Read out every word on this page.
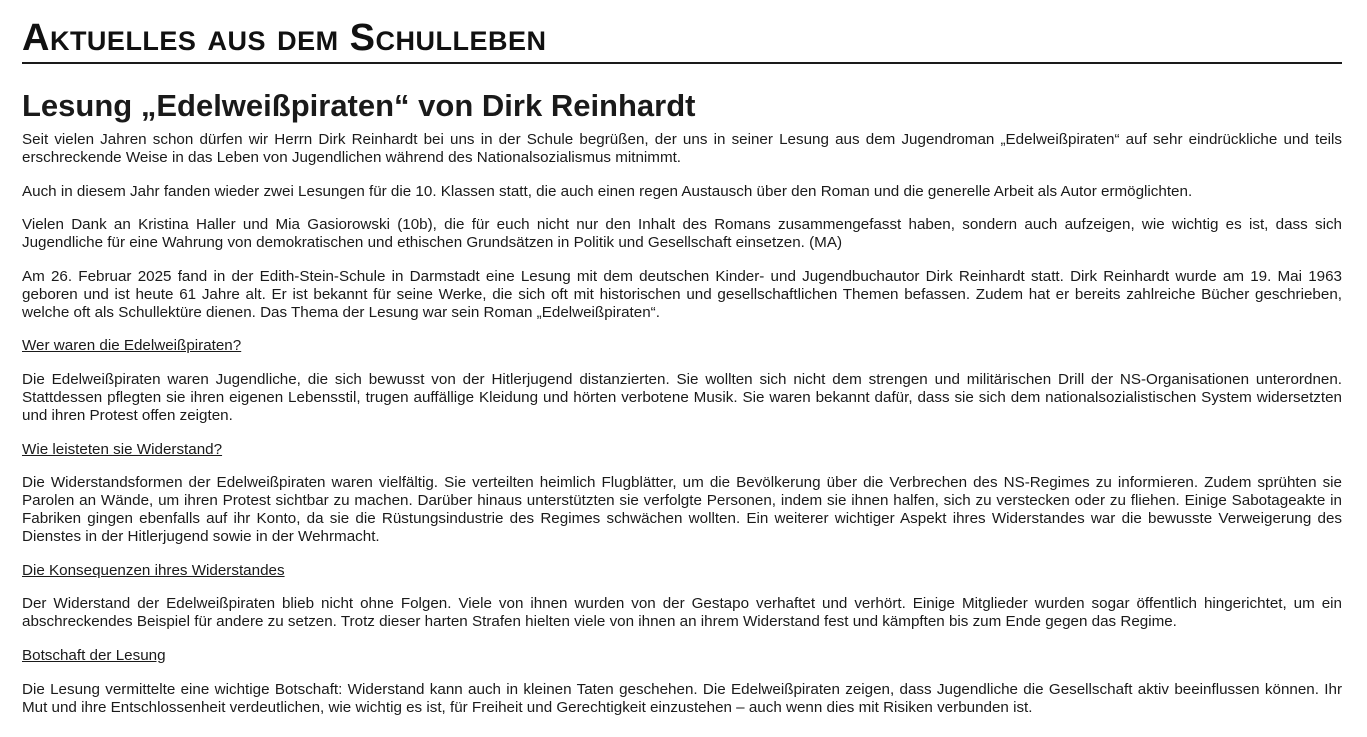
Aktuelles aus dem Schulleben
Lesung „Edelweißpiraten“ von Dirk Reinhardt

Seit vielen Jahren schon dürfen wir Herrn Dirk Reinhardt bei uns in der Schule begrüßen, der uns in seiner Lesung aus dem Jugendroman „Edelweißpiraten“ auf sehr eindrückliche und teils erschreckende Weise in das Leben von Jugendlichen während des Nationalsozialismus mitnimmt.

Auch in diesem Jahr fanden wieder zwei Lesungen für die 10. Klassen statt, die auch einen regen Austausch über den Roman und die generelle Arbeit als Autor ermöglichten.

Vielen Dank an Kristina Haller und Mia Gasiorowski (10b), die für euch nicht nur den Inhalt des Romans zusammengefasst haben, sondern auch aufzeigen, wie wichtig es ist, dass sich Jugendliche für eine Wahrung von demokratischen und ethischen Grundsätzen in Politik und Gesellschaft einsetzen. (MA)

Am 26. Februar 2025 fand in der Edith-Stein-Schule in Darmstadt eine Lesung mit dem deutschen Kinder- und Jugendbuchautor Dirk Reinhardt statt. Dirk Reinhardt wurde am 19. Mai 1963 geboren und ist heute 61 Jahre alt. Er ist bekannt für seine Werke, die sich oft mit historischen und gesellschaftlichen Themen befassen. Zudem hat er bereits zahlreiche Bücher geschrieben, welche oft als Schullektüre dienen. Das Thema der Lesung war sein Roman „Edelweißpiraten“.

Wer waren die Edelweißpiraten?

Die Edelweißpiraten waren Jugendliche, die sich bewusst von der Hitlerjugend distanzierten. Sie wollten sich nicht dem strengen und militärischen Drill der NS-Organisationen unterordnen. Stattdessen pflegten sie ihren eigenen Lebensstil, trugen auffällige Kleidung und hörten verbotene Musik. Sie waren bekannt dafür, dass sie sich dem nationalsozialistischen System widersetzten und ihren Protest offen zeigten.

Wie leisteten sie Widerstand?

Die Widerstandsformen der Edelweißpiraten waren vielfältig. Sie verteilten heimlich Flugblätter, um die Bevölkerung über die Verbrechen des NS-Regimes zu informieren. Zudem sprühten sie Parolen an Wände, um ihren Protest sichtbar zu machen. Darüber hinaus unterstützten sie verfolgte Personen, indem sie ihnen halfen, sich zu verstecken oder zu fliehen. Einige Sabotageakte in Fabriken gingen ebenfalls auf ihr Konto, da sie die Rüstungsindustrie des Regimes schwächen wollten. Ein weiterer wichtiger Aspekt ihres Widerstandes war die bewusste Verweigerung des Dienstes in der Hitlerjugend sowie in der Wehrmacht.

Die Konsequenzen ihres Widerstandes

Der Widerstand der Edelweißpiraten blieb nicht ohne Folgen. Viele von ihnen wurden von der Gestapo verhaftet und verhört. Einige Mitglieder wurden sogar öffentlich hingerichtet, um ein abschreckendes Beispiel für andere zu setzen. Trotz dieser harten Strafen hielten viele von ihnen an ihrem Widerstand fest und kämpften bis zum Ende gegen das Regime.

Botschaft der Lesung

Die Lesung vermittelte eine wichtige Botschaft: Widerstand kann auch in kleinen Taten geschehen. Die Edelweißpiraten zeigen, dass Jugendliche die Gesellschaft aktiv beeinflussen können. Ihr Mut und ihre Entschlossenheit verdeutlichen, wie wichtig es ist, für Freiheit und Gerechtigkeit einzustehen – auch wenn dies mit Risiken verbunden ist.
